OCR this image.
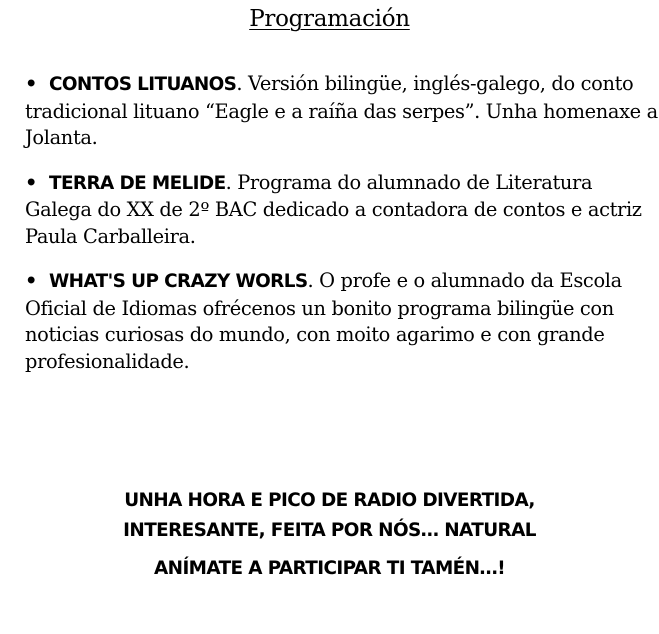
Programación

• CONTOS LITUANOS. Versión bilingüe, inglés-galego, do conto tradicional lituano “Eagle e a raíña das serpes”. Unha homenaxe a Jolanta.

• TERRA DE MELIDE. Programa do alumnado de Literatura Galega do XX de 2º BAC dedicado a contadora de contos e actriz Paula Carballeira.

• WHAT'S UP CRAZY WORLS. O profe e o alumnado da Escola Oficial de Idiomas ofrécenos un bonito programa bilingüe con noticias curiosas do mundo, con moito agarimo e con grande profesionalidade.

UNHA HORA E PICO DE RADIO DIVERTIDA,
INTERESANTE, FEITA POR NÓS… NATURAL
ANÍMATE A PARTICIPAR TI TAMÉN…!
